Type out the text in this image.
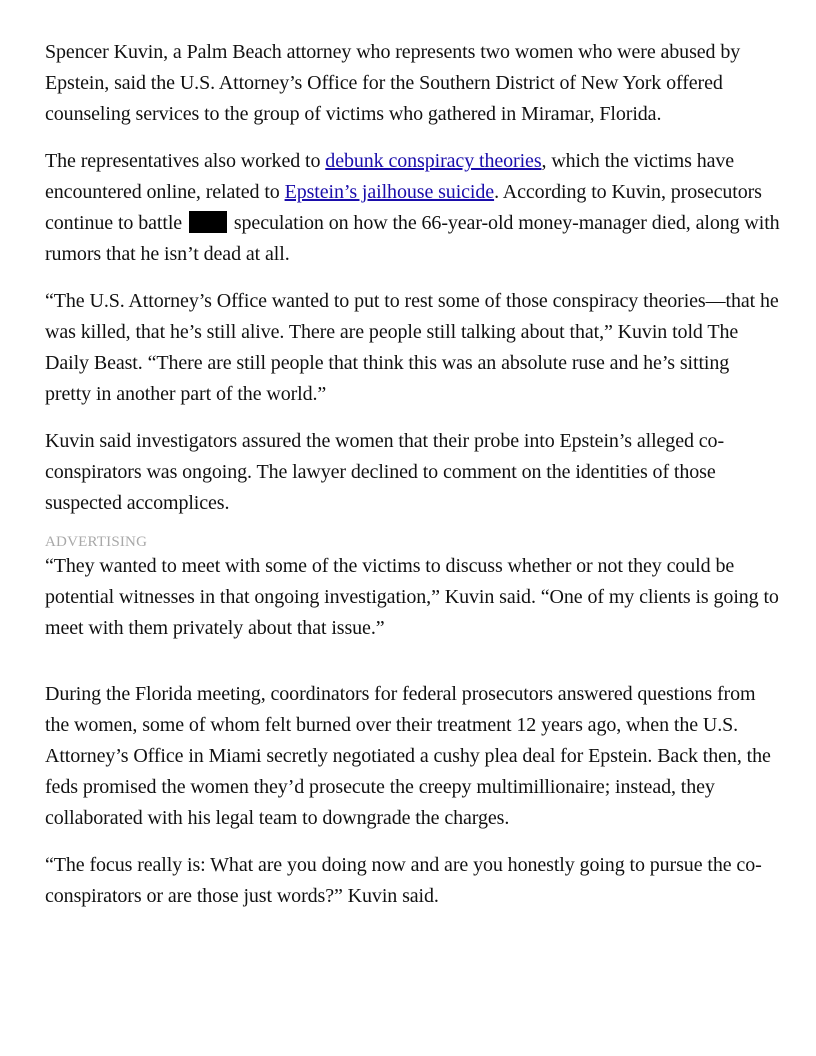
Spencer Kuvin, a Palm Beach attorney who represents two women who were abused by Epstein, said the U.S. Attorney’s Office for the Southern District of New York offered counseling services to the group of victims who gathered in Miramar, Florida.

The representatives also worked to debunk conspiracy theories, which the victims have encountered online, related to Epstein’s jailhouse suicide. According to Kuvin, prosecutors continue to battle  speculation on how the 66-year-old money-manager died, along with rumors that he isn’t dead at all.

“The U.S. Attorney’s Office wanted to put to rest some of those conspiracy theories—that he was killed, that he’s still alive. There are people still talking about that,” Kuvin told The Daily Beast. “There are still people that think this was an absolute ruse and he’s sitting pretty in another part of the world.”

Kuvin said investigators assured the women that their probe into Epstein’s alleged co-conspirators was ongoing. The lawyer declined to comment on the identities of those suspected accomplices.

ADVERTISING

“They wanted to meet with some of the victims to discuss whether or not they could be potential witnesses in that ongoing investigation,” Kuvin said. “One of my clients is going to meet with them privately about that issue.”

During the Florida meeting, coordinators for federal prosecutors answered questions from the women, some of whom felt burned over their treatment 12 years ago, when the U.S. Attorney’s Office in Miami secretly negotiated a cushy plea deal for Epstein. Back then, the feds promised the women they’d prosecute the creepy multimillionaire; instead, they collaborated with his legal team to downgrade the charges.

“The focus really is: What are you doing now and are you honestly going to pursue the co-conspirators or are those just words?” Kuvin said.
